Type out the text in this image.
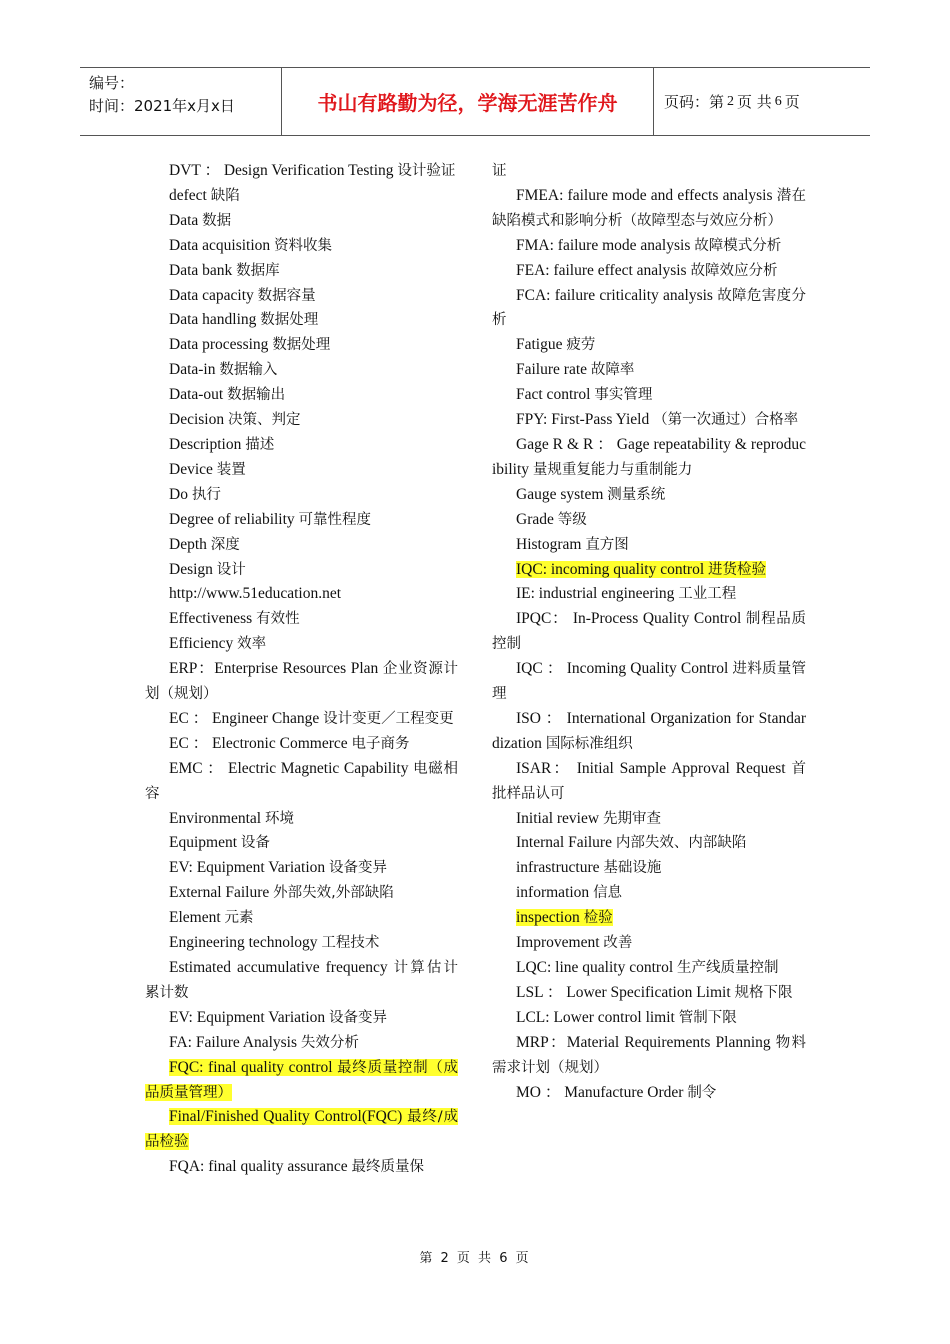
编号：
时间：2021年x月x日	书山有路勤为径，学海无涯苦作舟	页码：第 2 页 共 6 页

DVT ： Design Verification Testing 设计验证

defect 缺陷

Data 数据

Data acquisition 资料收集

Data bank 数据库

Data capacity 数据容量

Data handling 数据处理

Data processing 数据处理

Data-in 数据输入

Data-out 数据输出

Decision 决策、判定

Description 描述

Device 装置

Do 执行

Degree of reliability 可靠性程度

Depth 深度

Design 设计

http://www.51education.net

Effectiveness 有效性

Efficiency 效率

ERP：Enterprise Resources Plan 企业资源计划（规划）

EC ： Engineer Change 设计变更／工程变更

EC ： Electronic Commerce 电子商务

EMC ： Electric Magnetic Capability 电磁相容

Environmental 环境

Equipment 设备

EV: Equipment Variation 设备变异

External Failure 外部失效,外部缺陷

Element 元素

Engineering technology 工程技术

Estimated accumulative frequency 计算估计累计数

EV: Equipment Variation 设备变异

FA: Failure Analysis 失效分析

FQC: final quality control 最终质量控制（成品质量管理）

Final/Finished Quality Control(FQC) 最终/成品检验

FQA: final quality assurance 最终质量保

证

FMEA: failure mode and effects analysis 潜在缺陷模式和影响分析（故障型态与效应分析）

FMA: failure mode analysis 故障模式分析

FEA: failure effect analysis 故障效应分析

FCA: failure criticality analysis 故障危害度分析

Fatigue 疲劳

Failure rate 故障率

Fact control 事实管理

FPY: First-Pass Yield （第一次通过）合格率

Gage R & R ： Gage repeatability & reproducibility 量规重复能力与重制能力

Gauge system 测量系统

Grade 等级

Histogram 直方图

IQC: incoming quality control 进货检验

IE: industrial engineering 工业工程

IPQC： In-Process Quality Control 制程品质控制

IQC ： Incoming Quality Control 进料质量管理

ISO ： International Organization for Standardization 国际标准组织

ISAR： Initial Sample Approval Request 首批样品认可

Initial review 先期审查

Internal Failure 内部失效、内部缺陷

infrastructure 基础设施

information 信息

inspection 检验

Improvement 改善

LQC: line quality control 生产线质量控制

LSL ： Lower Specification Limit 规格下限

LCL: Lower control limit 管制下限

MRP：Material Requirements Planning 物料需求计划（规划）

MO ： Manufacture Order 制令

第 2 页 共 6 页
